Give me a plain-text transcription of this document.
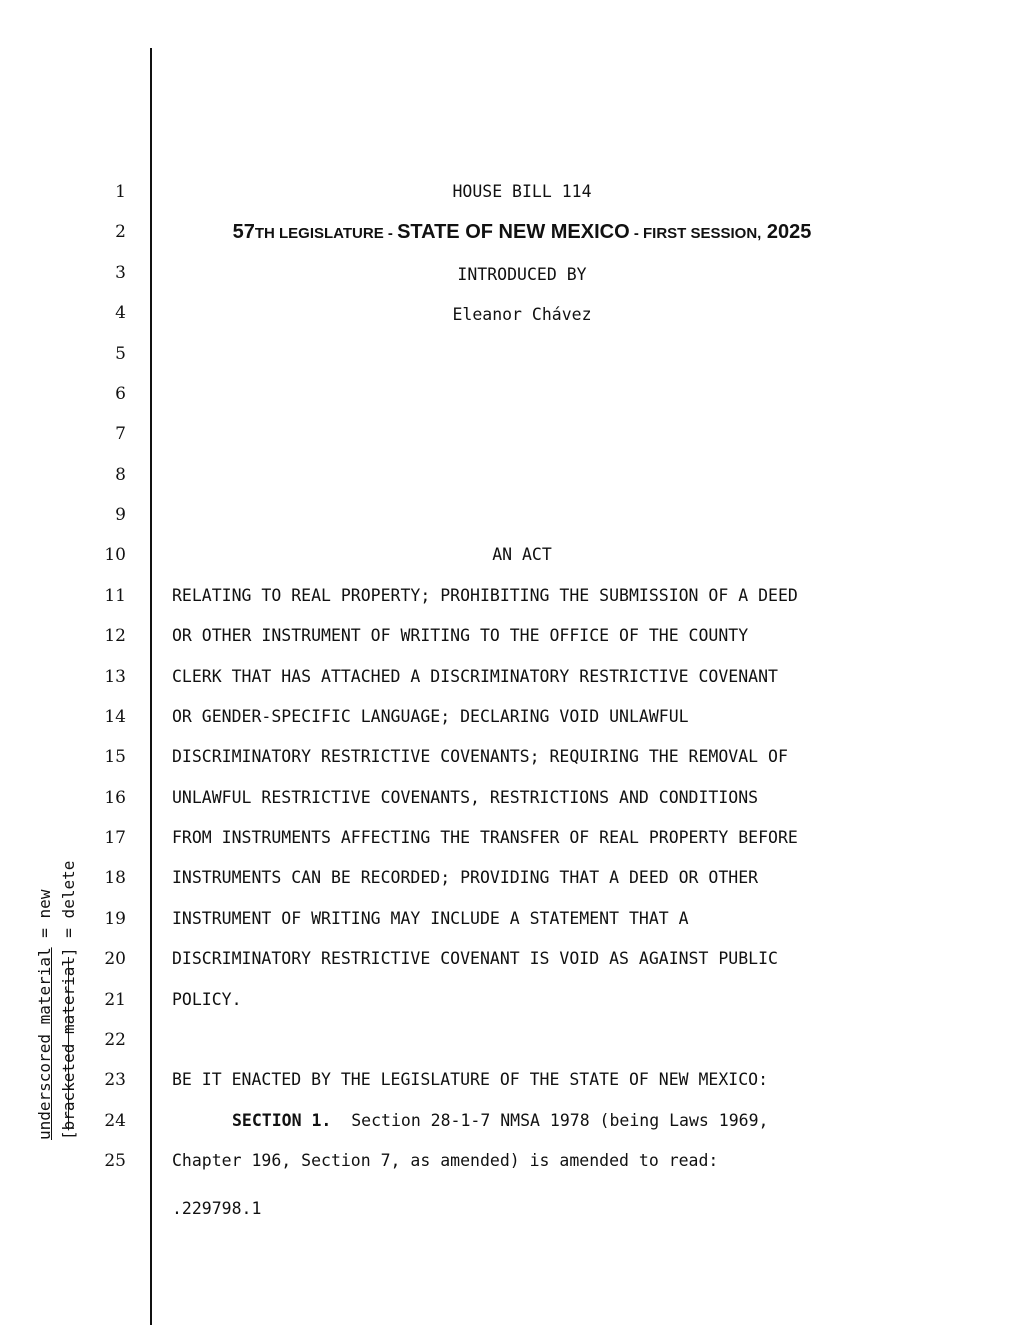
underscored material = new
[bracketed material] = delete
1
2
3
4
5
6
7
8
9
10
11
12
13
14
15
16
17
18
19
20
21
22
23
24
25
HOUSE BILL 114
57TH LEGISLATURE - STATE OF NEW MEXICO - FIRST SESSION, 2025
INTRODUCED BY
Eleanor Chávez
AN ACT
RELATING TO REAL PROPERTY; PROHIBITING THE SUBMISSION OF A DEED
OR OTHER INSTRUMENT OF WRITING TO THE OFFICE OF THE COUNTY
CLERK THAT HAS ATTACHED A DISCRIMINATORY RESTRICTIVE COVENANT
OR GENDER-SPECIFIC LANGUAGE; DECLARING VOID UNLAWFUL
DISCRIMINATORY RESTRICTIVE COVENANTS; REQUIRING THE REMOVAL OF
UNLAWFUL RESTRICTIVE COVENANTS, RESTRICTIONS AND CONDITIONS
FROM INSTRUMENTS AFFECTING THE TRANSFER OF REAL PROPERTY BEFORE
INSTRUMENTS CAN BE RECORDED; PROVIDING THAT A DEED OR OTHER
INSTRUMENT OF WRITING MAY INCLUDE A STATEMENT THAT A
DISCRIMINATORY RESTRICTIVE COVENANT IS VOID AS AGAINST PUBLIC
POLICY.
BE IT ENACTED BY THE LEGISLATURE OF THE STATE OF NEW MEXICO:
SECTION 1.  Section 28-1-7 NMSA 1978 (being Laws 1969,
Chapter 196, Section 7, as amended) is amended to read:
.229798.1
